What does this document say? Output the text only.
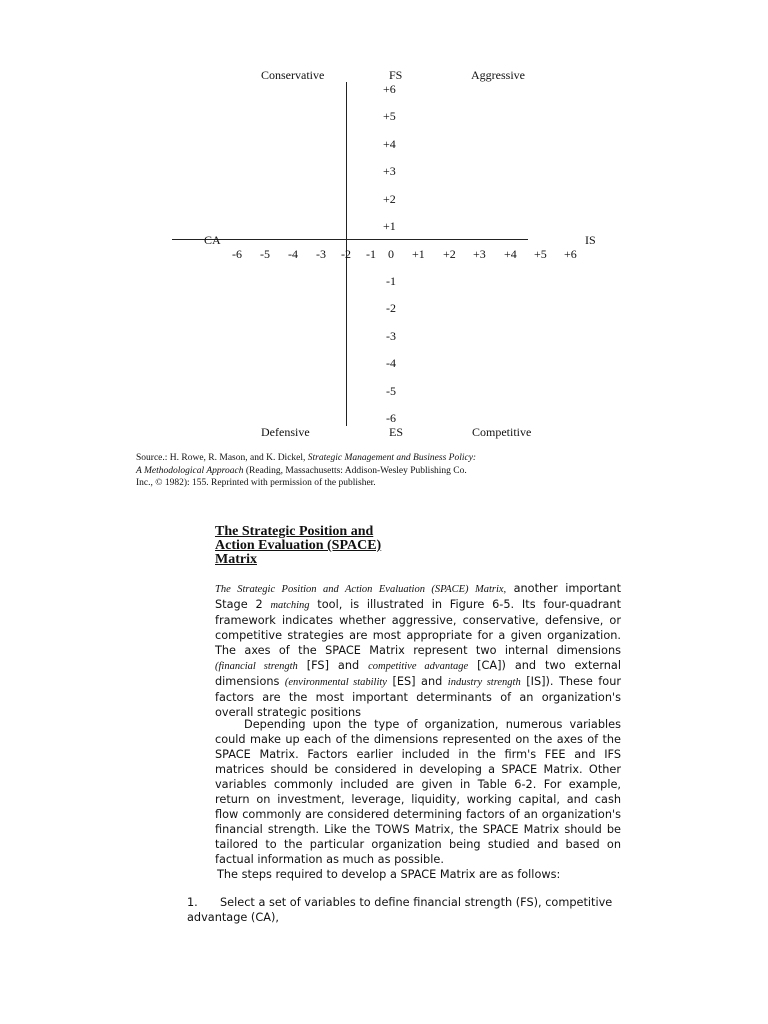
Conservative	FS	Aggressive
CA	IS
Defensive	ES	Competitive
+6
+5
+4
+3
+2
+1
-6 -5 -4 -3 -2 -1 0 +1 +2 +3 +4 +5 +6
-1
-2
-3
-4
-5
-6
Source.: H. Rowe, R. Mason, and K. Dickel, Strategic Management and Business Policy: A Methodological Approach (Reading, Massachusetts: Addison-Wesley Publishing Co. Inc., © 1982): 155. Reprinted with permission of the publisher.
The Strategic Position and
Action Evaluation (SPACE)
Matrix
The Strategic Position and Action Evaluation (SPACE) Matrix, another important Stage 2 matching tool, is illustrated in Figure 6-5. Its four-quadrant framework indicates whether aggressive, conservative, defensive, or competitive strategies are most appropriate for a given organization. The axes of the SPACE Matrix represent two internal dimensions (financial strength [FS] and competitive advantage [CA]) and two external dimensions (environmental stability [ES] and industry strength [IS]). These four factors are the most important determinants of an organization's overall strategic positions
Depending upon the type of organization, numerous variables could make up each of the dimensions represented on the axes of the SPACE Matrix. Factors earlier included in the firm's FEE and IFS matrices should be considered in developing a SPACE Matrix. Other variables commonly included are given in Table 6-2. For example, return on investment, leverage, liquidity, working capital, and cash flow commonly are considered determining factors of an organization's financial strength. Like the TOWS Matrix, the SPACE Matrix should be tailored to the particular organization being studied and based on factual information as much as possible.
The steps required to develop a SPACE Matrix are as follows:
1. Select a set of variables to define financial strength (FS), competitive advantage (CA),
